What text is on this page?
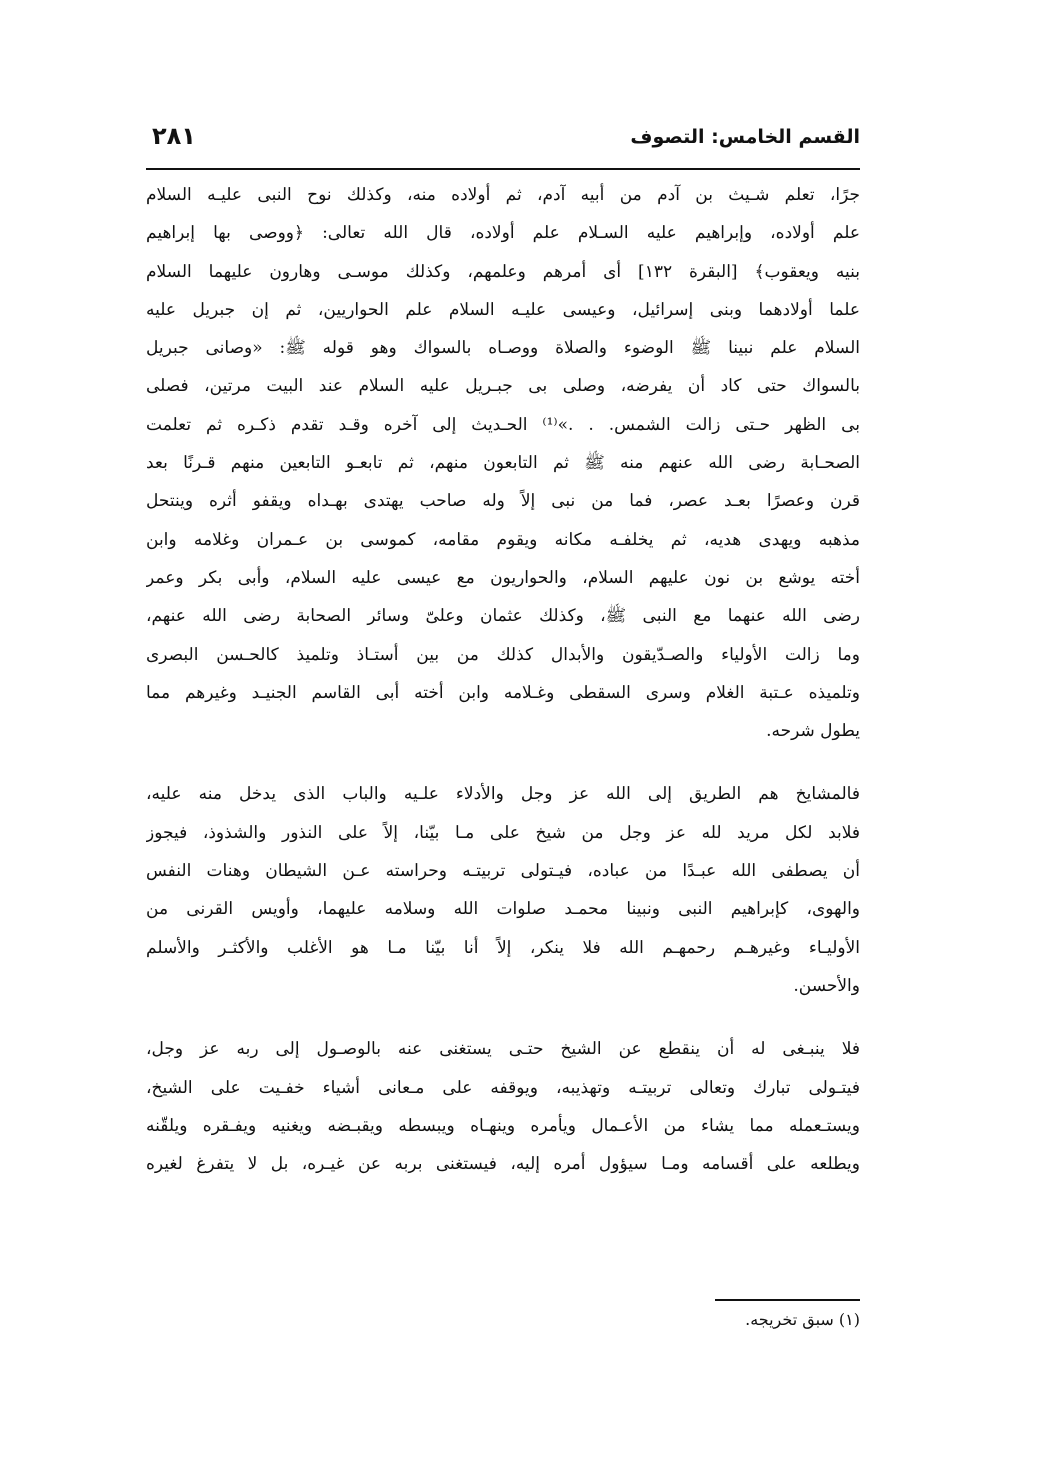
القسم الخامس: التصوف
٢٨١
جرًا، تعلم شـيث بن آدم من أبيه آدم، ثم أولاده منه، وكذلك نوح النبى عليـه السلام
علم أولاده، وإبراهيم عليه السـلام علم أولاده، قال الله تعالى: ﴿ووصى بها إبراهيم
بنيه ويعقوب﴾ [البقرة ١٣٢] أى أمرهم وعلمهم، وكذلك موسـى وهارون عليهما السلام
علما أولادهما وبنى إسرائيل، وعيسى عليـه السلام علم الحواريين، ثم إن جبريل عليه
السلام علم نبينا ﷺ الوضوء والصلاة ووصـاه بالسواك وهو قوله ﷺ: «وصانى جبريل
بالسواك حتى كاد أن يفرضه، وصلى بى جبـريل عليه السلام عند البيت مرتين، فصلى
بى الظهر حـتى زالت الشمس. . .»⁽¹⁾ الحـديث إلى آخره وقـد تقدم ذكـره ثم تعلمت
الصحـابة رضى الله عنهم منه ﷺ ثم التابعون منهم، ثم تابعـو التابعين منهم قـرنًا بعد
قرن وعصرًا بعـد عصر، فما من نبى إلاً وله صاحب يهتدى بهـداه ويقفو أثره وينتحل
مذهبه ويهدى هديه، ثم يخلفـه مكانه ويقوم مقامه، كموسى بن عـمران وغلامه وابن
أخته يوشع بن نون عليهم السلام، والحواريون مع عيسى عليه السلام، وأبى بكر وعمر
رضى الله عنهما مع النبى ﷺ، وكذلك عثمان وعلىّ وسائر الصحابة رضى الله عنهم،
وما زالت الأولياء والصـدّيقون والأبدال كذلك من بين أستـاذ وتلميذ كالحـسن البصرى
وتلميذه عـتبة الغلام وسرى السقطى وغـلامه وابن أخته أبى القاسم الجنيـد وغيرهم مما
يطول شرحه.
فالمشايخ هم الطريق إلى الله عز وجل والأدلاء علـيه والباب الذى يدخل منه عليه،
فلابد لكل مريد لله عز وجل من شيخ على مـا بيّنا، إلاً على النذور والشذوذ، فيجوز
أن يصطفى الله عبـدًا من عباده، فيـتولى تربيتـه وحراسته عـن الشيطان وهنات النفس
والهوى، كإبراهيم النبى ونبينا محمـد صلوات الله وسلامه عليهما، وأويس القرنى من
الأوليـاء وغيرهـم رحمهـم الله فلا ينكر، إلاً أنا بيّنا مـا هو الأغلب والأكثـر والأسلم
والأحسن.
فلا ينبـغى له أن ينقطع عن الشيخ حتـى يستغنى عنه بالوصـول إلى ربه عز وجل،
فيتـولى تبارك وتعالى تربيتـه وتهذيبه، ويوقفه على مـعانى أشياء خفـيت على الشيخ،
ويستـعمله مما يشاء من الأعـمال ويأمره وينهـاه ويبسطه ويقبـضه ويغنيه ويفـقره ويلقّنه
ويطلعه على أقسامه ومـا سيؤول أمره إليه، فيستغنى بربه عن غيـره، بل لا يتفرغ لغيره
(١) سبق تخريجه.
